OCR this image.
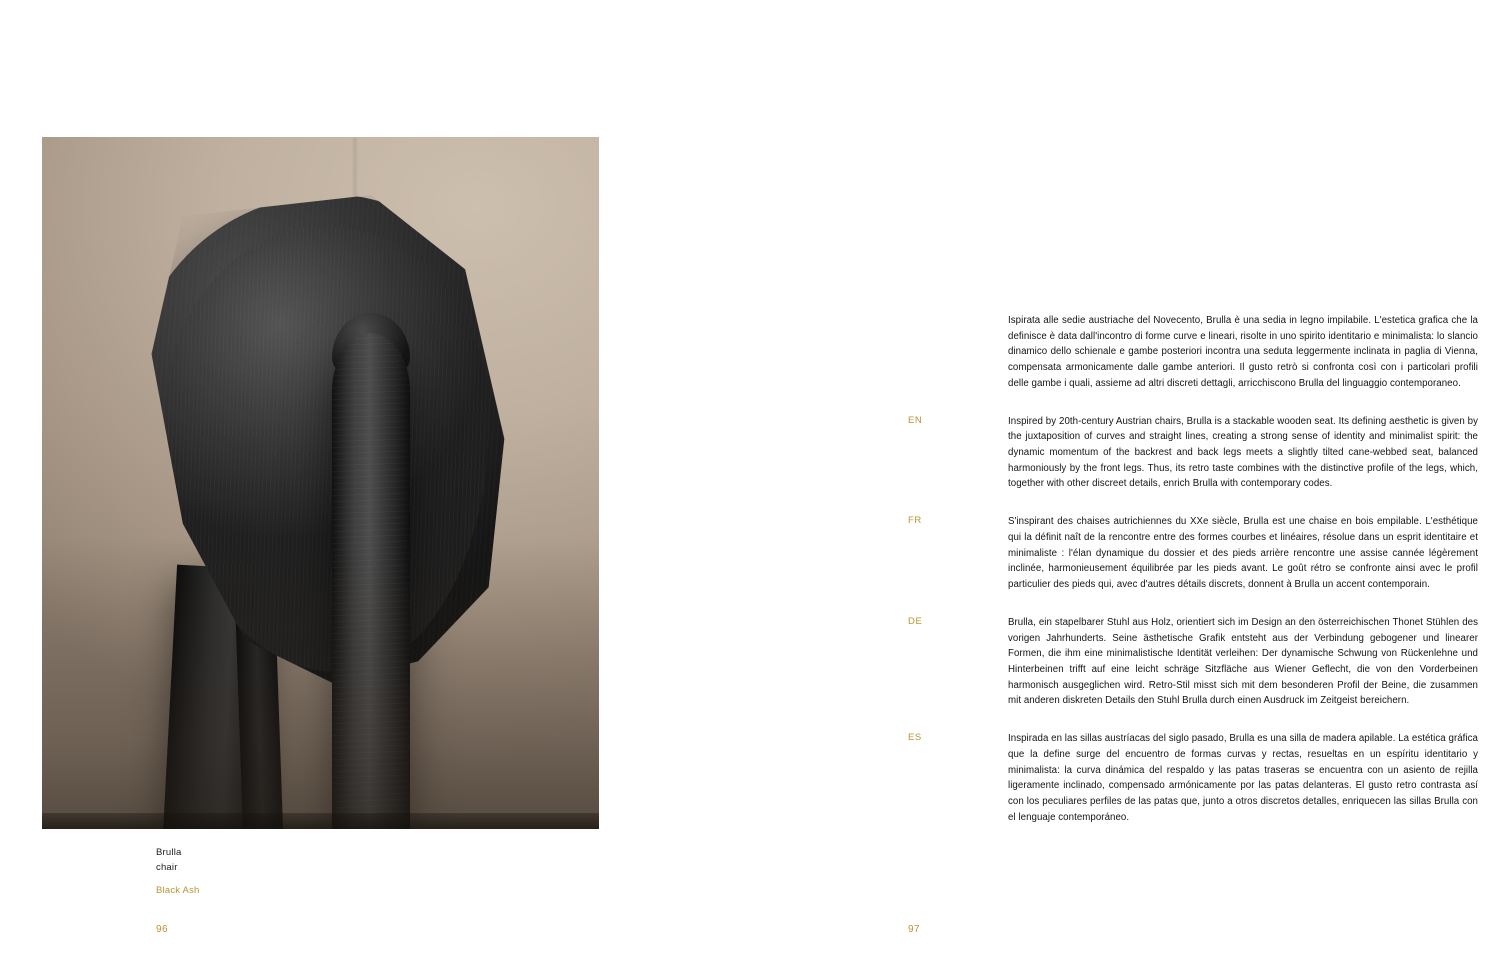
Brulla
chair
Black Ash
96

Ispirata alle sedie austriache del Novecento, Brulla è una sedia in legno impilabile. L'estetica grafica che la definisce è data dall'incontro di forme curve e lineari, risolte in uno spirito identitario e minimalista: lo slancio dinamico dello schienale e gambe posteriori incontra una seduta leggermente inclinata in paglia di Vienna, compensata armonicamente dalle gambe anteriori. Il gusto retrò si confronta così con i particolari profili delle gambe i quali, assieme ad altri discreti dettagli, arricchiscono Brulla del linguaggio contemporaneo.

EN	Inspired by 20th-century Austrian chairs, Brulla is a stackable wooden seat. Its defining aesthetic is given by the juxtaposition of curves and straight lines, creating a strong sense of identity and minimalist spirit: the dynamic momentum of the backrest and back legs meets a slightly tilted cane-webbed seat, balanced harmoniously by the front legs. Thus, its retro taste combines with the distinctive profile of the legs, which, together with other discreet details, enrich Brulla with contemporary codes.

FR	S'inspirant des chaises autrichiennes du XXe siècle, Brulla est une chaise en bois empilable. L'esthétique qui la définit naît de la rencontre entre des formes courbes et linéaires, résolue dans un esprit identitaire et minimaliste : l'élan dynamique du dossier et des pieds arrière rencontre une assise cannée légèrement inclinée, harmonieusement équilibrée par les pieds avant. Le goût rétro se confronte ainsi avec le profil particulier des pieds qui, avec d'autres détails discrets, donnent à Brulla un accent contemporain.

DE	Brulla, ein stapelbarer Stuhl aus Holz, orientiert sich im Design an den österreichischen Thonet Stühlen des vorigen Jahrhunderts. Seine ästhetische Grafik entsteht aus der Verbindung gebogener und linearer Formen, die ihm eine minimalistische Identität verleihen: Der dynamische Schwung von Rückenlehne und Hinterbeinen trifft auf eine leicht schräge Sitzfläche aus Wiener Geflecht, die von den Vorderbeinen harmonisch ausgeglichen wird. Retro-Stil misst sich mit dem besonderen Profil der Beine, die zusammen mit anderen diskreten Details den Stuhl Brulla durch einen Ausdruck im Zeitgeist bereichern.

ES	Inspirada en las sillas austríacas del siglo pasado, Brulla es una silla de madera apilable. La estética gráfica que la define surge del encuentro de formas curvas y rectas, resueltas en un espíritu identitario y minimalista: la curva dinámica del respaldo y las patas traseras se encuentra con un asiento de rejilla ligeramente inclinado, compensado armónicamente por las patas delanteras. El gusto retro contrasta así con los peculiares perfiles de las patas que, junto a otros discretos detalles, enriquecen las sillas Brulla con el lenguaje contemporáneo.

97
